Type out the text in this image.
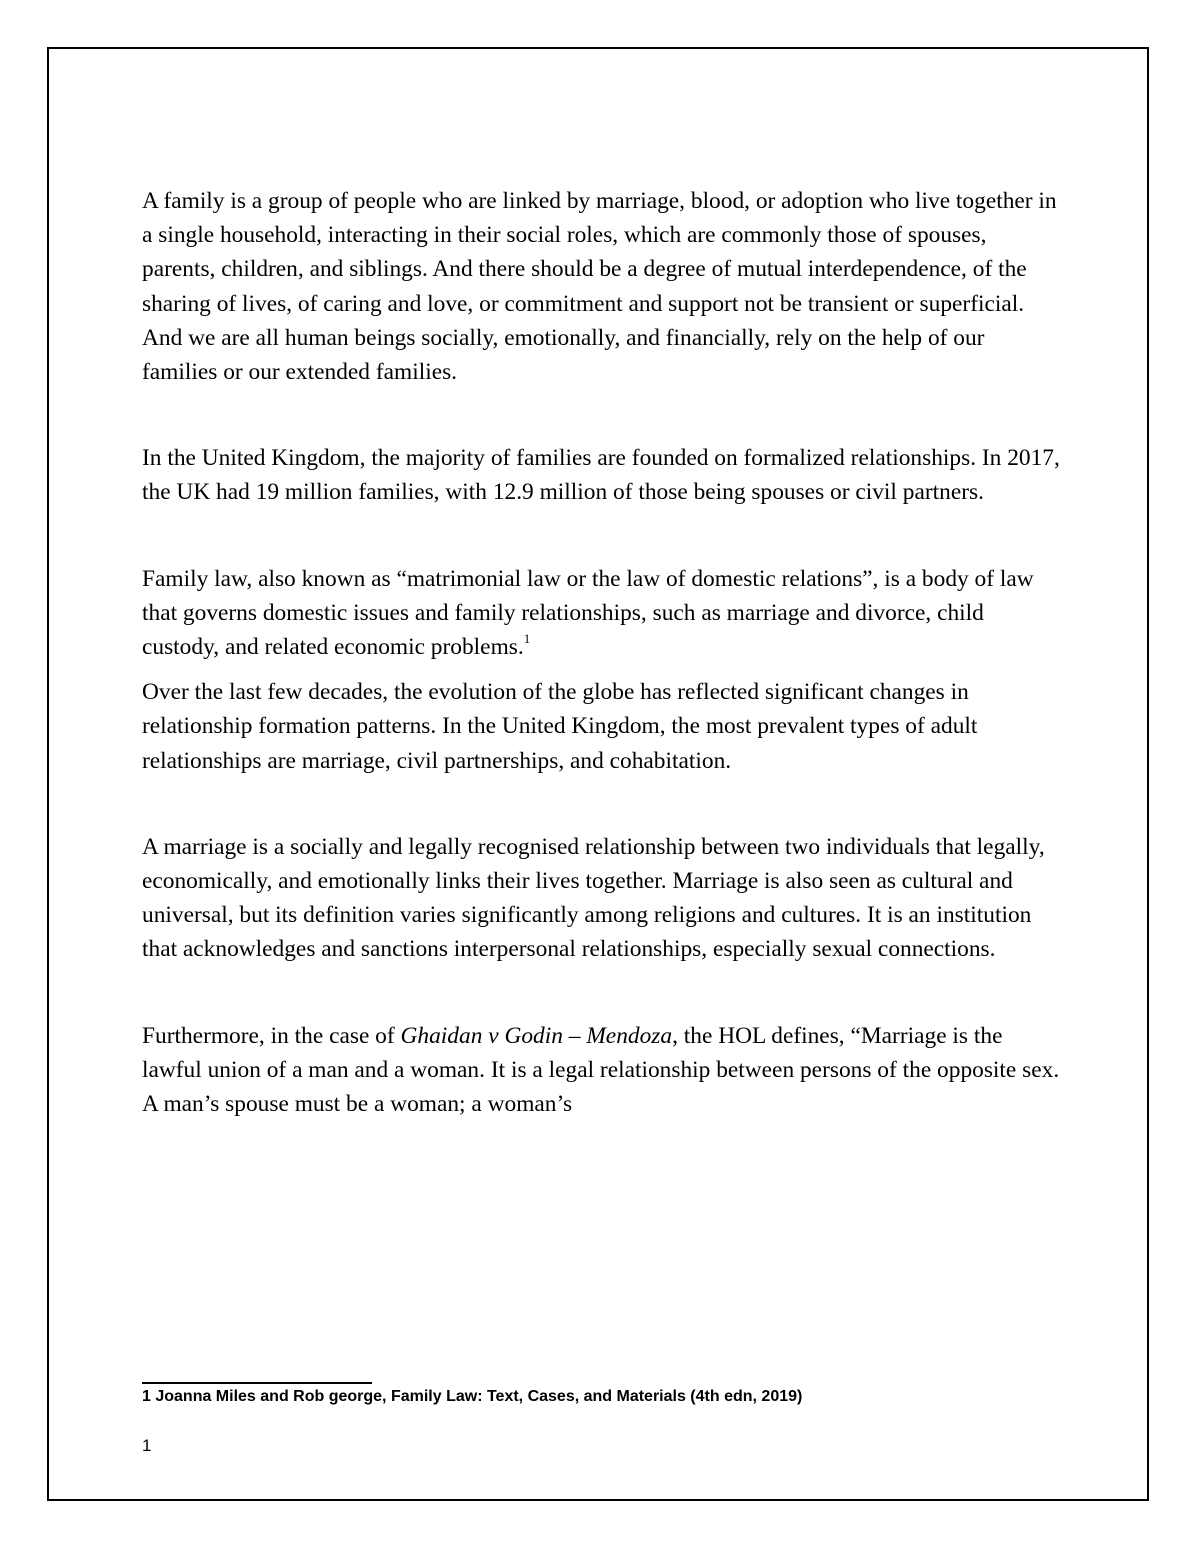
A family is a group of people who are linked by marriage, blood, or adoption who live together in a single household, interacting in their social roles, which are commonly those of spouses, parents, children, and siblings. And there should be a degree of mutual interdependence, of the sharing of lives, of caring and love, or commitment and support not be transient or superficial. And we are all human beings socially, emotionally, and financially, rely on the help of our families or our extended families.

In the United Kingdom, the majority of families are founded on formalized relationships. In 2017, the UK had 19 million families, with 12.9 million of those being spouses or civil partners.

Family law, also known as “matrimonial law or the law of domestic relations”, is a body of law that governs domestic issues and family relationships, such as marriage and divorce, child custody, and related economic problems.$^1$

Over the last few decades, the evolution of the globe has reflected significant changes in relationship formation patterns. In the United Kingdom, the most prevalent types of adult relationships are marriage, civil partnerships, and cohabitation.

A marriage is a socially and legally recognised relationship between two individuals that legally, economically, and emotionally links their lives together. Marriage is also seen as cultural and universal, but its definition varies significantly among religions and cultures. It is an institution that acknowledges and sanctions interpersonal relationships, especially sexual connections.

Furthermore, in the case of Ghaidan v Godin – Mendoza, the HOL defines, “Marriage is the lawful union of a man and a woman. It is a legal relationship between persons of the opposite sex. A man’s spouse must be a woman; a woman’s

1 Joanna Miles and Rob george, Family Law: Text, Cases, and Materials (4th edn, 2019)
1
